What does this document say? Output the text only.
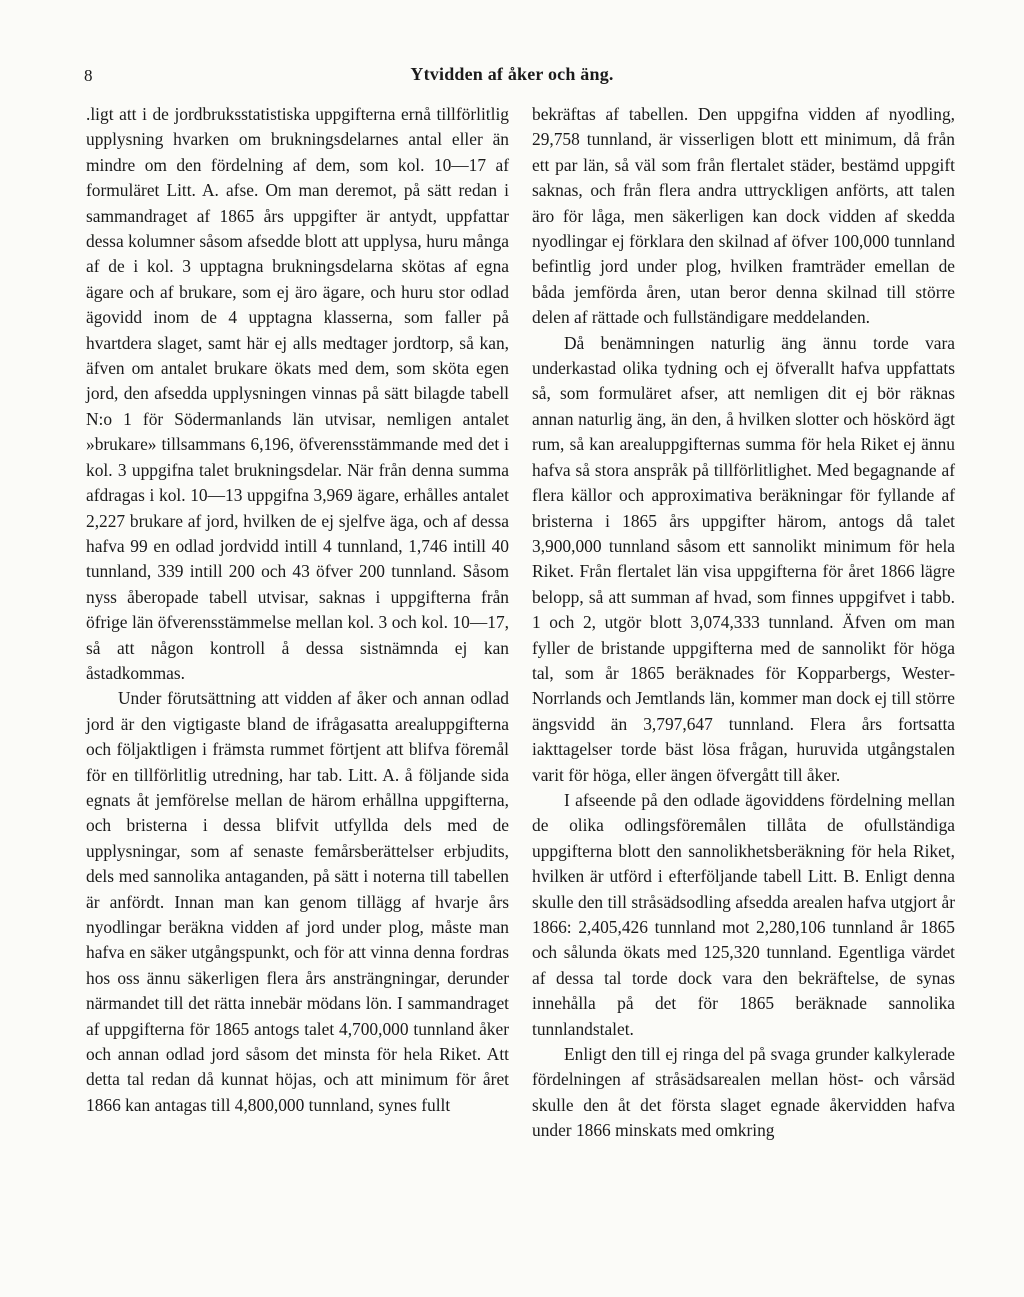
8	Ytvidden af åker och äng.

.ligt att i de jordbruksstatistiska uppgifterna ernå tillförlitlig upplysning hvarken om brukningsdelarnes antal eller än mindre om den fördelning af dem, som kol. 10—17 af formuläret Litt. A. afse. Om man deremot, på sätt redan i sammandraget af 1865 års uppgifter är antydt, uppfattar dessa kolumner såsom afsedde blott att upplysa, huru många af de i kol. 3 upptagna brukningsdelarna skötas af egna ägare och af brukare, som ej äro ägare, och huru stor odlad ägovidd inom de 4 upptagna klasserna, som faller på hvartdera slaget, samt här ej alls medtager jordtorp, så kan, äfven om antalet brukare ökats med dem, som sköta egen jord, den afsedda upplysningen vinnas på sätt bilagde tabell N:o 1 för Södermanlands län utvisar, nemligen antalet »brukare» tillsammans 6,196, öfverensstämmande med det i kol. 3 uppgifna talet brukningsdelar. När från denna summa afdragas i kol. 10—13 uppgifna 3,969 ägare, erhålles antalet 2,227 brukare af jord, hvilken de ej sjelfve äga, och af dessa hafva 99 en odlad jordvidd intill 4 tunnland, 1,746 intill 40 tunnland, 339 intill 200 och 43 öfver 200 tunnland. Såsom nyss åberopade tabell utvisar, saknas i uppgifterna från öfrige län öfverensstämmelse mellan kol. 3 och kol. 10—17, så att någon kontroll å dessa sistnämnda ej kan åstadkommas.

Under förutsättning att vidden af åker och annan odlad jord är den vigtigaste bland de ifrågasatta arealuppgifterna och följaktligen i främsta rummet förtjent att blifva föremål för en tillförlitlig utredning, har tab. Litt. A. å följande sida egnats åt jemförelse mellan de härom erhållna uppgifterna, och bristerna i dessa blifvit utfyllda dels med de upplysningar, som af senaste femårsberättelser erbjudits, dels med sannolika antaganden, på sätt i noterna till tabellen är anfördt. Innan man kan genom tillägg af hvarje års nyodlingar beräkna vidden af jord under plog, måste man hafva en säker utgångspunkt, och för att vinna denna fordras hos oss ännu säkerligen flera års ansträngningar, derunder närmandet till det rätta innebär mödans lön. I sammandraget af uppgifterna för 1865 antogs talet 4,700,000 tunnland åker och annan odlad jord såsom det minsta för hela Riket. Att detta tal redan då kunnat höjas, och att minimum för året 1866 kan antagas till 4,800,000 tunnland, synes fullt

bekräftas af tabellen. Den uppgifna vidden af nyodling, 29,758 tunnland, är visserligen blott ett minimum, då från ett par län, så väl som från flertalet städer, bestämd uppgift saknas, och från flera andra uttryckligen anförts, att talen äro för låga, men säkerligen kan dock vidden af skedda nyodlingar ej förklara den skilnad af öfver 100,000 tunnland befintlig jord under plog, hvilken framträder emellan de båda jemförda åren, utan beror denna skilnad till större delen af rättade och fullständigare meddelanden.

Då benämningen naturlig äng ännu torde vara underkastad olika tydning och ej öfverallt hafva uppfattats så, som formuläret afser, att nemligen dit ej bör räknas annan naturlig äng, än den, å hvilken slotter och höskörd ägt rum, så kan arealuppgifternas summa för hela Riket ej ännu hafva så stora anspråk på tillförlitlighet. Med begagnande af flera källor och approximativa beräkningar för fyllande af bristerna i 1865 års uppgifter härom, antogs då talet 3,900,000 tunnland såsom ett sannolikt minimum för hela Riket. Från flertalet län visa uppgifterna för året 1866 lägre belopp, så att summan af hvad, som finnes uppgifvet i tabb. 1 och 2, utgör blott 3,074,333 tunnland. Äfven om man fyller de bristande uppgifterna med de sannolikt för höga tal, som år 1865 beräknades för Kopparbergs, Wester-Norrlands och Jemtlands län, kommer man dock ej till större ängsvidd än 3,797,647 tunnland. Flera års fortsatta iakttagelser torde bäst lösa frågan, huruvida utgångstalen varit för höga, eller ängen öfvergått till åker.

I afseende på den odlade ägoviddens fördelning mellan de olika odlingsföremålen tillåta de ofullständiga uppgifterna blott den sannolikhetsberäkning för hela Riket, hvilken är utförd i efterföljande tabell Litt. B. Enligt denna skulle den till stråsädsodling afsedda arealen hafva utgjort år 1866: 2,405,426 tunnland mot 2,280,106 tunnland år 1865 och sålunda ökats med 125,320 tunnland. Egentliga värdet af dessa tal torde dock vara den bekräftelse, de synas innehålla på det för 1865 beräknade sannolika tunnlandstalet.

Enligt den till ej ringa del på svaga grunder kalkylerade fördelningen af stråsädsarealen mellan höst- och vårsäd skulle den åt det första slaget egnade åkervidden hafva under 1866 minskats med omkring
